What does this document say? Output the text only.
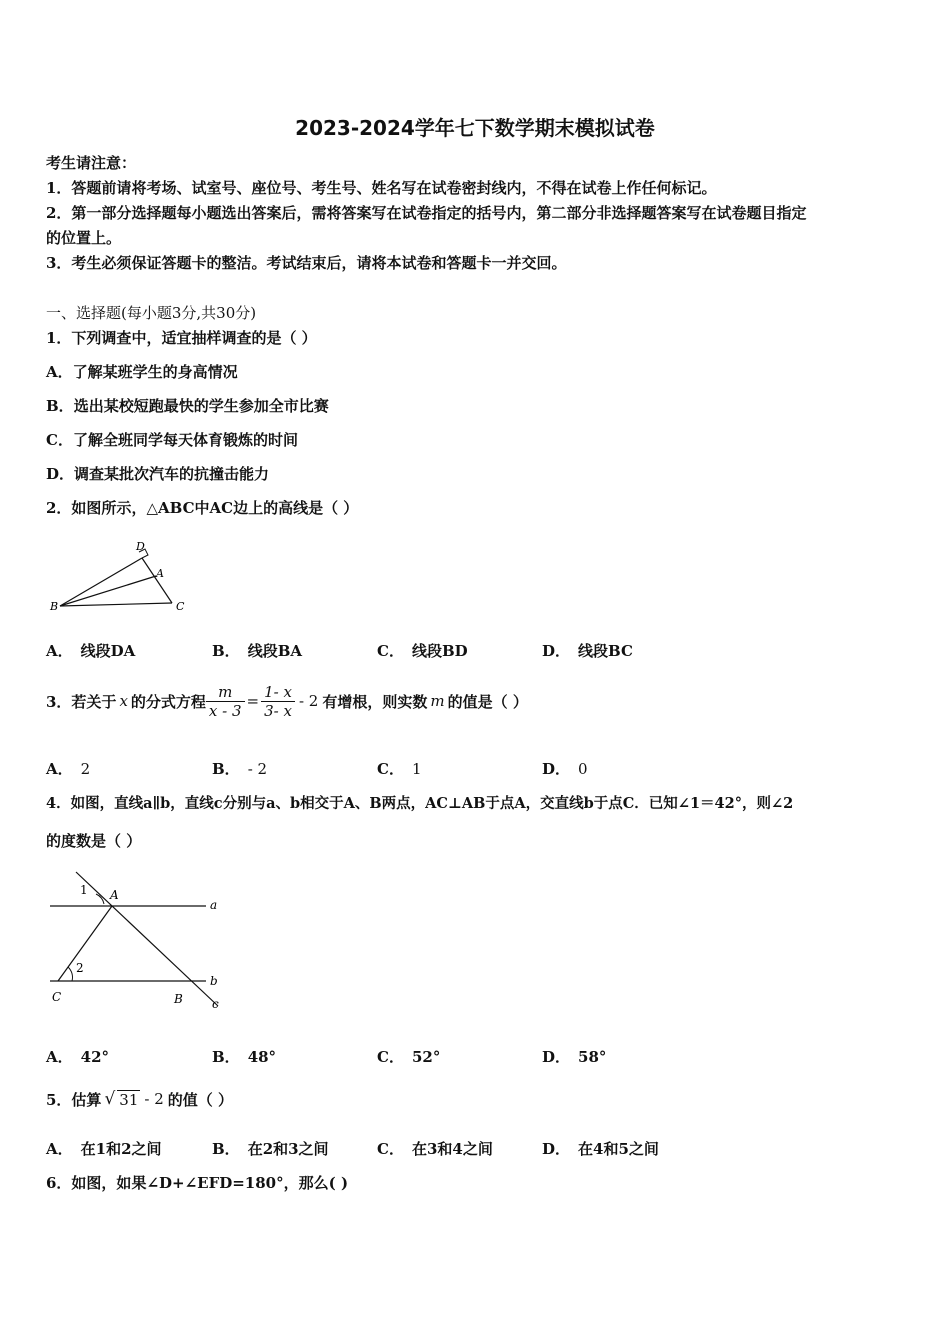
2023-2024学年七下数学期末模拟试卷
考生请注意：
1．答题前请将考场、试室号、座位号、考生号、姓名写在试卷密封线内，不得在试卷上作任何标记。
2．第一部分选择题每小题选出答案后，需将答案写在试卷指定的括号内，第二部分非选择题答案写在试卷题目指定
的位置上。
3．考生必须保证答题卡的整洁。考试结束后，请将本试卷和答题卡一并交回。
一、选择题(每小题3分,共30分)
1．下列调查中，适宜抽样调查的是（ ）
A．了解某班学生的身高情况
B．选出某校短跑最快的学生参加全市比赛
C．了解全班同学每天体育锻炼的时间
D．调查某批次汽车的抗撞击能力
2．如图所示，△ABC中AC边上的高线是（ ）
D
A
B	C
A． 线段DA	B． 线段BA	C． 线段BD	D． 线段BC
3．若关于 x 的分式方程 $\frac{m}{x - 3} = \frac{1- x}{3- x} - 2$ 有增根，则实数 m 的值是（ ）
A． 2	B． - 2	C． 1	D． 0
4．如图，直线a∥b，直线c分别与a、b相交于A、B两点，AC⊥AB于点A，交直线b于点C．已知∠1＝42°，则∠2
的度数是（ ）
1 A
a
2
b
C	B c
A． 42°	B． 48°	C． 52°	D． 58°
5．估算 √ 31 - 2 的值（ ）
A． 在1和2之间	B． 在2和3之间	C． 在3和4之间	D． 在4和5之间
6．如图，如果∠D+∠EFD=180°，那么( )
